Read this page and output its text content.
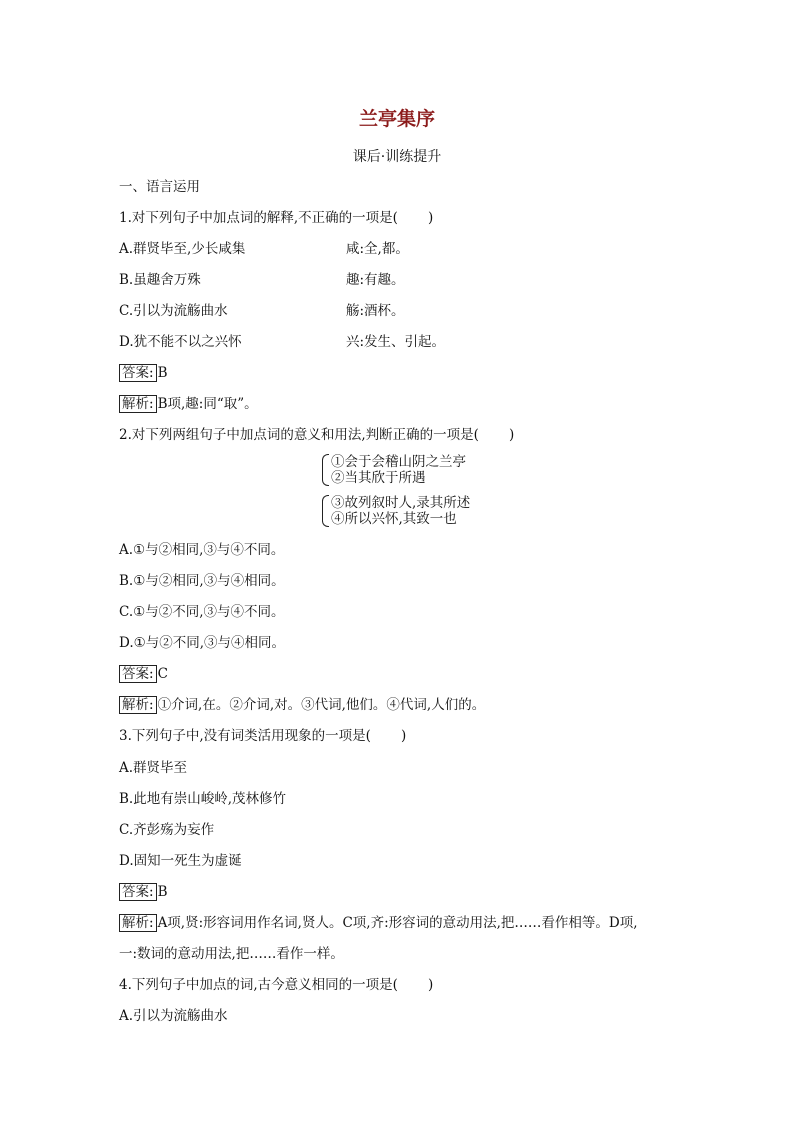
兰亭集序
课后·训练提升
一、语言运用
1.对下列句子中加点词的解释,不正确的一项是( )
A.群贤毕至,少长咸集	咸:全,都。
B.虽趣舍万殊	趣:有趣。
C.引以为流觞曲水	觞:酒杯。
D.犹不能不以之兴怀	兴:发生、引起。
答案: B
解析: B项,趣:同“取”。
2.对下列两组句子中加点词的意义和用法,判断正确的一项是( )
①会于会稽山阴之兰亭
②当其欣于所遇
③故列叙时人,录其所述
④所以兴怀,其致一也
A.①与②相同,③与④不同。
B.①与②相同,③与④相同。
C.①与②不同,③与④不同。
D.①与②不同,③与④相同。
答案: C
解析: ①介词,在。②介词,对。③代词,他们。④代词,人们的。
3.下列句子中,没有词类活用现象的一项是( )
A.群贤毕至
B.此地有崇山峻岭,茂林修竹
C.齐彭殇为妄作
D.固知一死生为虚诞
答案: B
解析: A项,贤:形容词用作名词,贤人。C项,齐:形容词的意动用法,把……看作相等。D项,
一:数词的意动用法,把……看作一样。
4.下列句子中加点的词,古今意义相同的一项是( )
A.引以为流觞曲水
